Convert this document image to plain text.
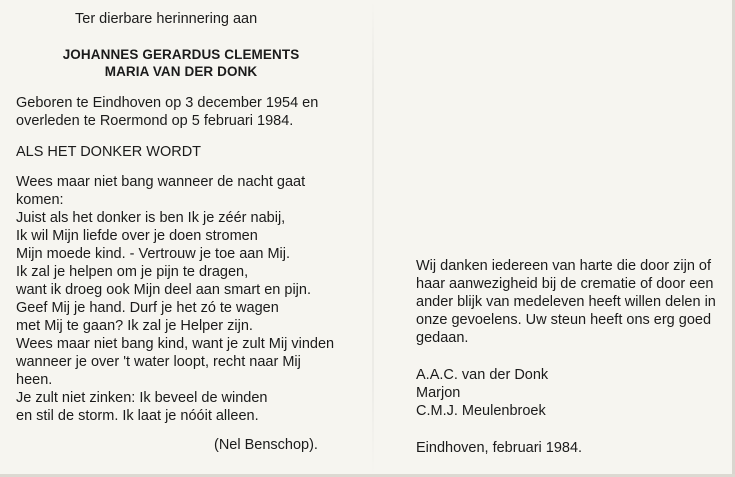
Ter dierbare herinnering aan

JOHANNES GERARDUS CLEMENTS

MARIA VAN DER DONK

Geboren te Eindhoven op 3 december 1954 en
overleden te Roermond op 5 februari 1984.

ALS HET DONKER WORDT

Wees maar niet bang wanneer de nacht gaat
komen:
Juist als het donker is ben Ik je zéér nabij,
Ik wil Mijn liefde over je doen stromen
Mijn moede kind. - Vertrouw je toe aan Mij.
Ik zal je helpen om je pijn te dragen,
want ik droeg ook Mijn deel aan smart en pijn.
Geef Mij je hand. Durf je het zó te wagen
met Mij te gaan? Ik zal je Helper zijn.
Wees maar niet bang kind, want je zult Mij vinden
wanneer je over 't water loopt, recht naar Mij
heen.
Je zult niet zinken: Ik beveel de winden
en stil de storm. Ik laat je nóóit alleen.

(Nel Benschop).

Wij danken iedereen van harte die door zijn of
haar aanwezigheid bij de crematie of door een
ander blijk van medeleven heeft willen delen in
onze gevoelens. Uw steun heeft ons erg goed
gedaan.
A.A.C. van der Donk
Marjon
C.M.J. Meulenbroek

Eindhoven, februari 1984.
